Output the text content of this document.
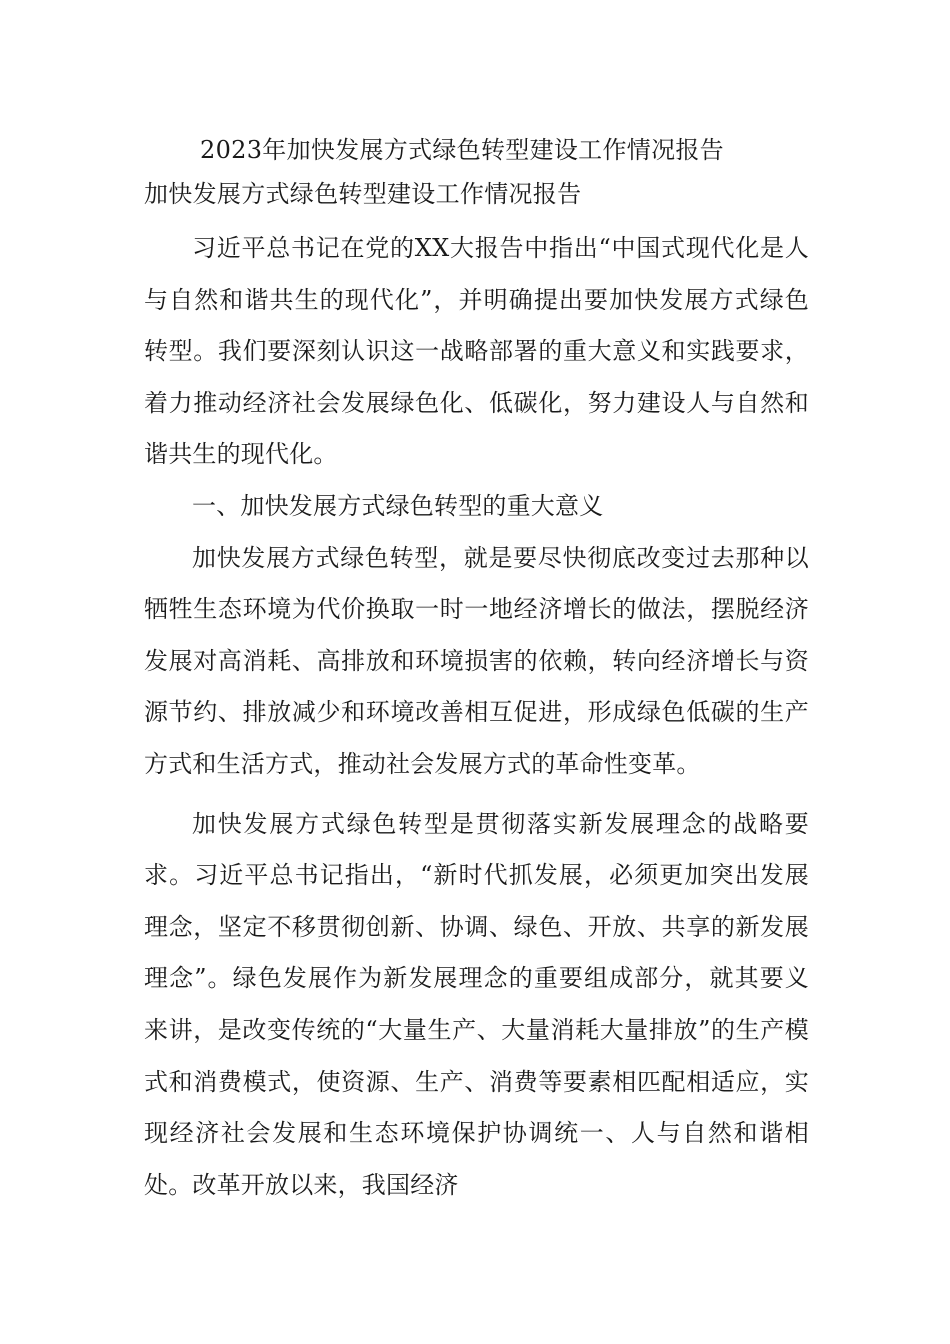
2023年加快发展方式绿色转型建设工作情况报告
加快发展方式绿色转型建设工作情况报告

习近平总书记在党的XX大报告中指出“中国式现代化是人与自然和谐共生的现代化”，并明确提出要加快发展方式绿色转型。我们要深刻认识这一战略部署的重大意义和实践要求，着力推动经济社会发展绿色化、低碳化，努力建设人与自然和谐共生的现代化。

一、加快发展方式绿色转型的重大意义

加快发展方式绿色转型，就是要尽快彻底改变过去那种以牺牲生态环境为代价换取一时一地经济增长的做法，摆脱经济发展对高消耗、高排放和环境损害的依赖，转向经济增长与资源节约、排放减少和环境改善相互促进，形成绿色低碳的生产方式和生活方式，推动社会发展方式的革命性变革。

加快发展方式绿色转型是贯彻落实新发展理念的战略要求。习近平总书记指出，“新时代抓发展，必须更加突出发展理念，坚定不移贯彻创新、协调、绿色、开放、共享的新发展理念”。绿色发展作为新发展理念的重要组成部分，就其要义来讲，是改变传统的“大量生产、大量消耗大量排放”的生产模式和消费模式，使资源、生产、消费等要素相匹配相适应，实现经济社会发展和生态环境保护协调统一、人与自然和谐相处。改革开放以来，我国经济
